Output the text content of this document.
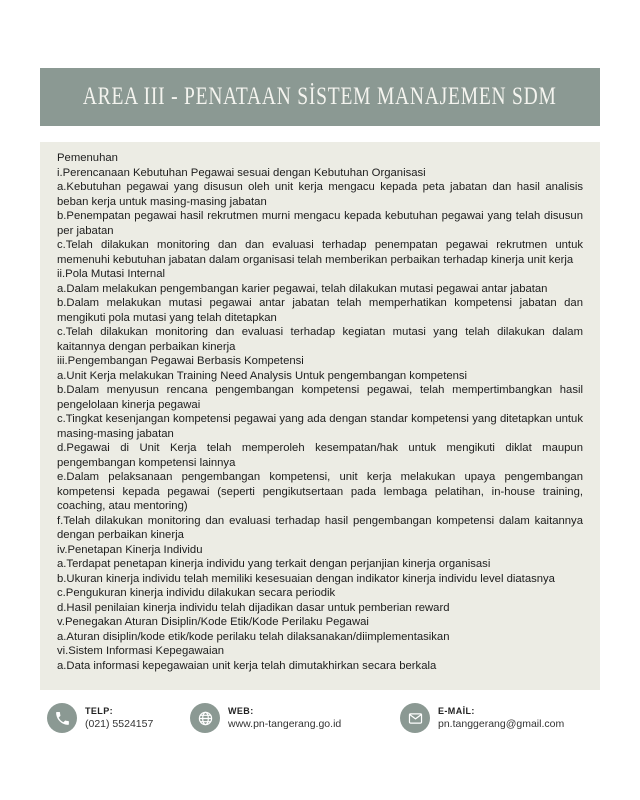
AREA III - PENATAAN SİSTEM MANAJEMEN SDM

Pemenuhan

i.Perencanaan Kebutuhan Pegawai sesuai dengan Kebutuhan Organisasi

a.Kebutuhan pegawai yang disusun oleh unit kerja mengacu kepada peta jabatan dan hasil analisis beban kerja untuk masing-masing jabatan

b.Penempatan pegawai hasil rekrutmen murni mengacu kepada kebutuhan pegawai yang telah disusun per jabatan

c.Telah dilakukan monitoring dan dan evaluasi terhadap penempatan pegawai rekrutmen untuk memenuhi kebutuhan jabatan dalam organisasi telah memberikan perbaikan terhadap kinerja unit kerja

ii.Pola Mutasi Internal

a.Dalam melakukan pengembangan karier pegawai, telah dilakukan mutasi pegawai antar jabatan

b.Dalam melakukan mutasi pegawai antar jabatan telah memperhatikan kompetensi jabatan dan mengikuti pola mutasi yang telah ditetapkan

c.Telah dilakukan monitoring dan evaluasi terhadap kegiatan mutasi yang telah dilakukan dalam kaitannya dengan perbaikan kinerja

iii.Pengembangan Pegawai Berbasis Kompetensi

a.Unit Kerja melakukan Training Need Analysis Untuk pengembangan kompetensi

b.Dalam menyusun rencana pengembangan kompetensi pegawai, telah mempertimbangkan hasil pengelolaan kinerja pegawai

c.Tingkat kesenjangan kompetensi pegawai yang ada dengan standar kompetensi yang ditetapkan untuk masing-masing jabatan

d.Pegawai di Unit Kerja telah memperoleh kesempatan/hak untuk mengikuti diklat maupun pengembangan kompetensi lainnya

e.Dalam pelaksanaan pengembangan kompetensi, unit kerja melakukan upaya pengembangan kompetensi kepada pegawai (seperti pengikutsertaan pada lembaga pelatihan, in-house training, coaching, atau mentoring)

f.Telah dilakukan monitoring dan evaluasi terhadap hasil pengembangan kompetensi dalam kaitannya dengan perbaikan kinerja

iv.Penetapan Kinerja Individu

a.Terdapat penetapan kinerja individu yang terkait dengan perjanjian kinerja organisasi

b.Ukuran kinerja individu telah memiliki kesesuaian dengan indikator kinerja individu level diatasnya

c.Pengukuran kinerja individu dilakukan secara periodik

d.Hasil penilaian kinerja individu telah dijadikan dasar untuk pemberian reward

v.Penegakan Aturan Disiplin/Kode Etik/Kode Perilaku Pegawai

a.Aturan disiplin/kode etik/kode perilaku telah dilaksanakan/diimplementasikan

vi.Sistem Informasi Kepegawaian

a.Data informasi kepegawaian unit kerja telah dimutakhirkan secara berkala

TELP:
(021) 5524157
WEB:
www.pn-tangerang.go.id
E-MAİL:
pn.tanggerang@gmail.com
